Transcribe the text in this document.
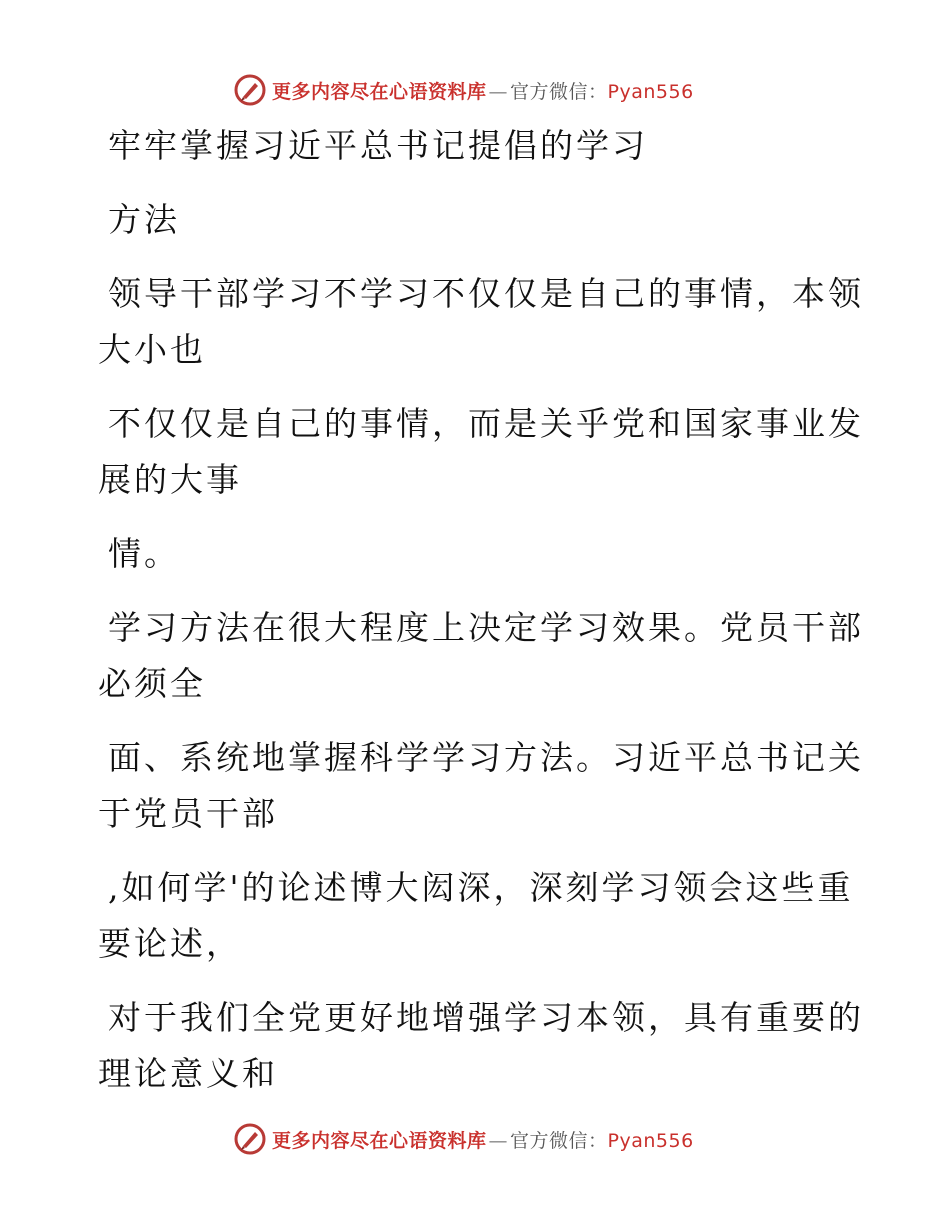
更多内容尽在心语资料库 — 官方微信：Pyan556

牢牢掌握习近平总书记提倡的学习

方法

领导干部学习不学习不仅仅是自己的事情，本领大小也

不仅仅是自己的事情，而是关乎党和国家事业发展的大事

情。

学习方法在很大程度上决定学习效果。党员干部必须全

面、系统地掌握科学学习方法。习近平总书记关于党员干部

,如何学'的论述博大闳深，深刻学习领会这些重要论述，

对于我们全党更好地增强学习本领，具有重要的理论意义和

更多内容尽在心语资料库 — 官方微信：Pyan556
